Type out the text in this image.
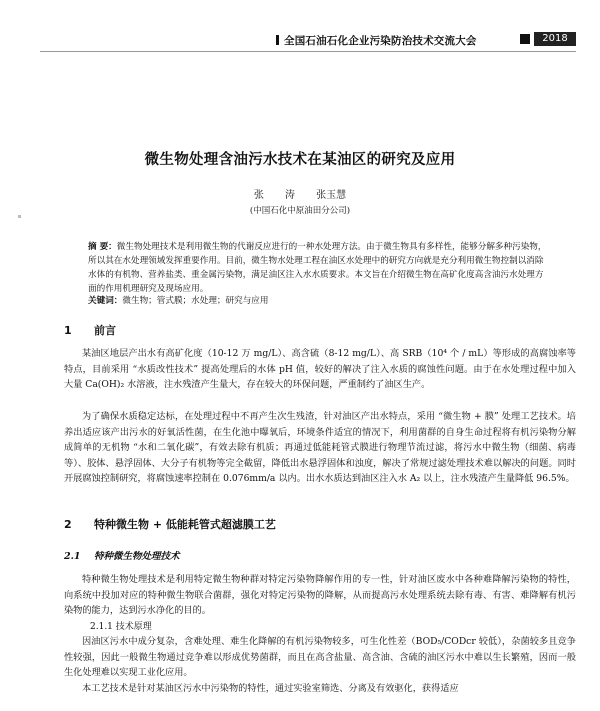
全国石油石化企业污染防治技术交流大会	2018
微生物处理含油污水技术在某油区的研究及应用
张 涛 张玉慧
(中国石化中原油田分公司)
摘 要：微生物处理技术是利用微生物的代谢反应进行的一种水处理方法。由于微生物具有多样性，能够分解多种污染物，所以其在水处理领域发挥重要作用。目前，微生物水处理工程在油区水处理中的研究方向就是充分利用微生物控制以消除水体的有机物、营养盐类、重金属污染物，满足油区注入水水质要求。本文旨在介绍微生物在高矿化度高含油污水处理方面的作用机理研究及现场应用。
关键词：微生物；管式膜；水处理；研究与应用
1 前言
某油区地层产出水有高矿化度（10-12 万 mg/L）、高含硫（8-12 mg/L）、高 SRB（10⁴ 个 / mL）等形成的高腐蚀率等特点，目前采用 “水质改性技术” 提高处理后的水体 pH 值，较好的解决了注入水质的腐蚀性问题。由于在水处理过程中加入大量 Ca(OH)₂ 水溶液，注水残渣产生量大，存在较大的环保问题，严重制约了油区生产。
为了确保水质稳定达标，在处理过程中不再产生次生残渣，针对油区产出水特点，采用 “微生物 + 膜” 处理工艺技术。培养出适应该产出污水的好氧活性菌，在生化池中曝氧后，环境条件适宜的情况下，利用菌群的自身生命过程将有机污染物分解成简单的无机物 “水和二氧化碳”，有效去除有机质；再通过低能耗管式膜进行物理节流过滤，将污水中微生物（细菌、病毒等）、胶体、悬浮固体、大分子有机物等完全截留，降低出水悬浮固体和浊度，解决了常规过滤处理技术难以解决的问题。同时开展腐蚀控制研究，将腐蚀速率控制在 0.076mm/a 以内。出水水质达到油区注入水 A₂ 以上，注水残渣产生量降低 96.5%。
2 特种微生物 + 低能耗管式超滤膜工艺
2.1 特种微生物处理技术
特种微生物处理技术是利用特定微生物种群对特定污染物降解作用的专一性，针对油区废水中各种难降解污染物的特性，向系统中投加对应的特种微生物联合菌群，强化对特定污染物的降解，从而提高污水处理系统去除有毒、有害、难降解有机污染物的能力，达到污水净化的目的。
2.1.1 技术原理
因油区污水中成分复杂，含难处理、难生化降解的有机污染物较多，可生化性差（BOD₅/CODcr 较低），杂菌较多且竞争性较强，因此一般微生物通过竞争难以形成优势菌群，而且在高含盐量、高含油、含硫的油区污水中难以生长繁殖，因而一般生化处理难以实现工业化应用。
本工艺技术是针对某油区污水中污染物的特性，通过实验室筛选、分离及有效驱化，获得适应
